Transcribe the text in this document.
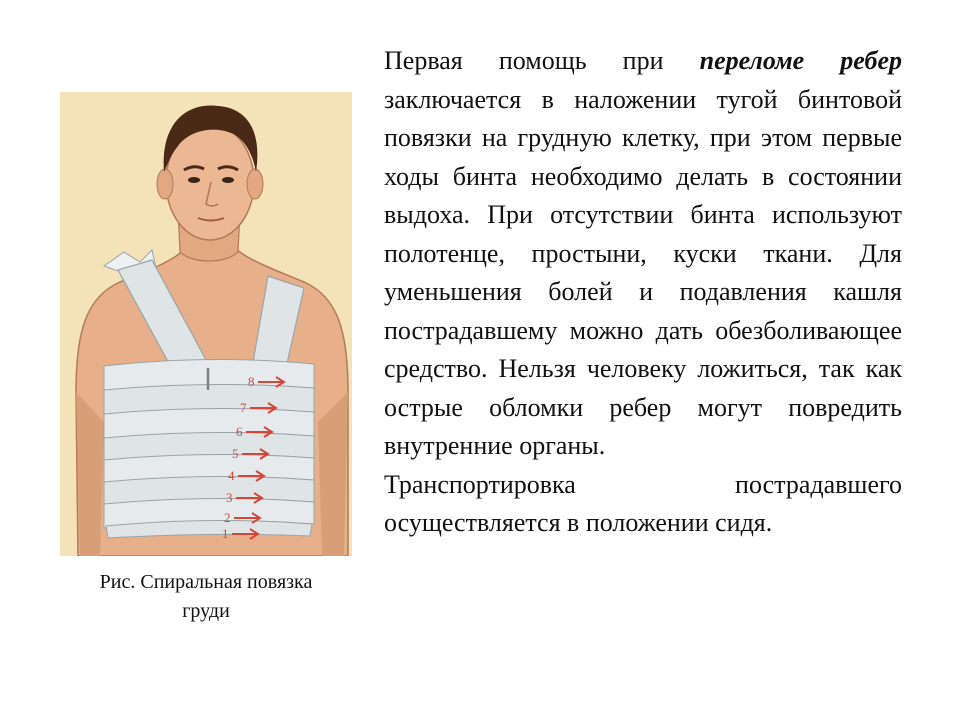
8
7
6
5
4
3
2
1
Рис. Спиральная повязка
груди

Первая помощь при переломе ребер заключается в наложении тугой бинтовой повязки на грудную клетку, при этом первые ходы бинта необходимо делать в состоянии выдоха. При отсутствии бинта используют полотенце, простыни, куски ткани. Для уменьшения болей и подавления кашля пострадавшему можно дать обезболивающее средство. Нельзя человеку ложиться, так как острые обломки ребер могут повредить внутренние органы.

Транспортировка пострадавшего осуществляется в положении сидя.
